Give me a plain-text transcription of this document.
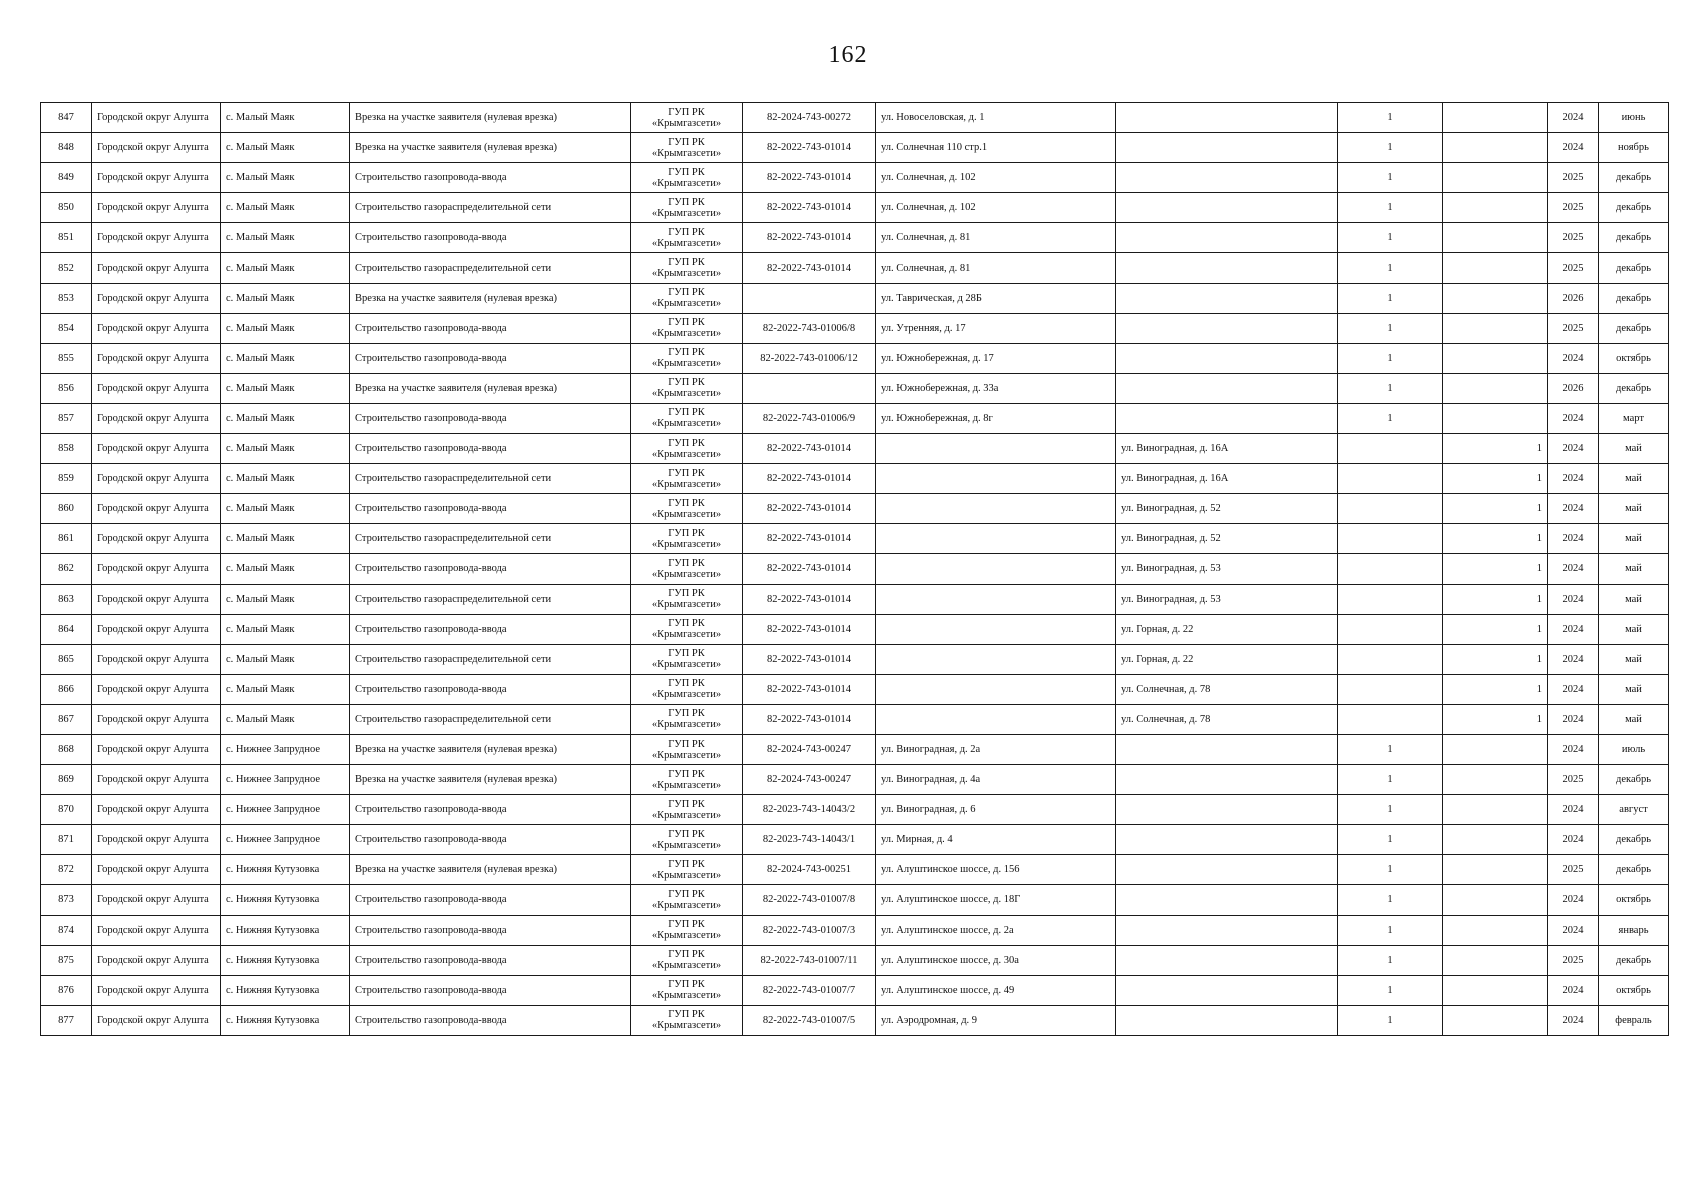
162
847	Городской округ Алушта	с. Малый Маяк	Врезка на участке заявителя (нулевая врезка)	ГУП РК
«Крымгазсети»	82-2024-743-00272	ул. Новоселовская, д. 1		1		2024	июнь
848	Городской округ Алушта	с. Малый Маяк	Врезка на участке заявителя (нулевая врезка)	ГУП РК
«Крымгазсети»	82-2022-743-01014	ул. Солнечная 110 стр.1		1		2024	ноябрь
849	Городской округ Алушта	с. Малый Маяк	Строительство газопровода-ввода	ГУП РК
«Крымгазсети»	82-2022-743-01014	ул. Солнечная, д. 102		1		2025	декабрь
850	Городской округ Алушта	с. Малый Маяк	Строительство газораспределительной сети	ГУП РК
«Крымгазсети»	82-2022-743-01014	ул. Солнечная, д. 102		1		2025	декабрь
851	Городской округ Алушта	с. Малый Маяк	Строительство газопровода-ввода	ГУП РК
«Крымгазсети»	82-2022-743-01014	ул. Солнечная, д. 81		1		2025	декабрь
852	Городской округ Алушта	с. Малый Маяк	Строительство газораспределительной сети	ГУП РК
«Крымгазсети»	82-2022-743-01014	ул. Солнечная, д. 81		1		2025	декабрь
853	Городской округ Алушта	с. Малый Маяк	Врезка на участке заявителя (нулевая врезка)	ГУП РК
«Крымгазсети»		ул. Таврическая, д 28Б		1		2026	декабрь
854	Городской округ Алушта	с. Малый Маяк	Строительство газопровода-ввода	ГУП РК
«Крымгазсети»	82-2022-743-01006/8	ул. Утренняя, д. 17		1		2025	декабрь
855	Городской округ Алушта	с. Малый Маяк	Строительство газопровода-ввода	ГУП РК
«Крымгазсети»	82-2022-743-01006/12	ул. Южнобережная, д. 17		1		2024	октябрь
856	Городской округ Алушта	с. Малый Маяк	Врезка на участке заявителя (нулевая врезка)	ГУП РК
«Крымгазсети»		ул. Южнобережная, д. 33а		1		2026	декабрь
857	Городской округ Алушта	с. Малый Маяк	Строительство газопровода-ввода	ГУП РК
«Крымгазсети»	82-2022-743-01006/9	ул. Южнобережная, д. 8г		1		2024	март
858	Городской округ Алушта	с. Малый Маяк	Строительство газопровода-ввода	ГУП РК
«Крымгазсети»	82-2022-743-01014		ул. Виноградная, д. 16А		1	2024	май
859	Городской округ Алушта	с. Малый Маяк	Строительство газораспределительной сети	ГУП РК
«Крымгазсети»	82-2022-743-01014		ул. Виноградная, д. 16А		1	2024	май
860	Городской округ Алушта	с. Малый Маяк	Строительство газопровода-ввода	ГУП РК
«Крымгазсети»	82-2022-743-01014		ул. Виноградная, д. 52		1	2024	май
861	Городской округ Алушта	с. Малый Маяк	Строительство газораспределительной сети	ГУП РК
«Крымгазсети»	82-2022-743-01014		ул. Виноградная, д. 52		1	2024	май
862	Городской округ Алушта	с. Малый Маяк	Строительство газопровода-ввода	ГУП РК
«Крымгазсети»	82-2022-743-01014		ул. Виноградная, д. 53		1	2024	май
863	Городской округ Алушта	с. Малый Маяк	Строительство газораспределительной сети	ГУП РК
«Крымгазсети»	82-2022-743-01014		ул. Виноградная, д. 53		1	2024	май
864	Городской округ Алушта	с. Малый Маяк	Строительство газопровода-ввода	ГУП РК
«Крымгазсети»	82-2022-743-01014		ул. Горная, д. 22		1	2024	май
865	Городской округ Алушта	с. Малый Маяк	Строительство газораспределительной сети	ГУП РК
«Крымгазсети»	82-2022-743-01014		ул. Горная, д. 22		1	2024	май
866	Городской округ Алушта	с. Малый Маяк	Строительство газопровода-ввода	ГУП РК
«Крымгазсети»	82-2022-743-01014		ул. Солнечная, д. 78		1	2024	май
867	Городской округ Алушта	с. Малый Маяк	Строительство газораспределительной сети	ГУП РК
«Крымгазсети»	82-2022-743-01014		ул. Солнечная, д. 78		1	2024	май
868	Городской округ Алушта	с. Нижнее Запрудное	Врезка на участке заявителя (нулевая врезка)	ГУП РК
«Крымгазсети»	82-2024-743-00247	ул. Виноградная, д. 2а		1		2024	июль
869	Городской округ Алушта	с. Нижнее Запрудное	Врезка на участке заявителя (нулевая врезка)	ГУП РК
«Крымгазсети»	82-2024-743-00247	ул. Виноградная, д. 4а		1		2025	декабрь
870	Городской округ Алушта	с. Нижнее Запрудное	Строительство газопровода-ввода	ГУП РК
«Крымгазсети»	82-2023-743-14043/2	ул. Виноградная, д. 6		1		2024	август
871	Городской округ Алушта	с. Нижнее Запрудное	Строительство газопровода-ввода	ГУП РК
«Крымгазсети»	82-2023-743-14043/1	ул. Мирная, д. 4		1		2024	декабрь
872	Городской округ Алушта	с. Нижняя Кутузовка	Врезка на участке заявителя (нулевая врезка)	ГУП РК
«Крымгазсети»	82-2024-743-00251	ул. Алуштинское шоссе, д. 156		1		2025	декабрь
873	Городской округ Алушта	с. Нижняя Кутузовка	Строительство газопровода-ввода	ГУП РК
«Крымгазсети»	82-2022-743-01007/8	ул. Алуштинское шоссе, д. 18Г		1		2024	октябрь
874	Городской округ Алушта	с. Нижняя Кутузовка	Строительство газопровода-ввода	ГУП РК
«Крымгазсети»	82-2022-743-01007/3	ул. Алуштинское шоссе, д. 2а		1		2024	январь
875	Городской округ Алушта	с. Нижняя Кутузовка	Строительство газопровода-ввода	ГУП РК
«Крымгазсети»	82-2022-743-01007/11	ул. Алуштинское шоссе, д. 30а		1		2025	декабрь
876	Городской округ Алушта	с. Нижняя Кутузовка	Строительство газопровода-ввода	ГУП РК
«Крымгазсети»	82-2022-743-01007/7	ул. Алуштинское шоссе, д. 49		1		2024	октябрь
877	Городской округ Алушта	с. Нижняя Кутузовка	Строительство газопровода-ввода	ГУП РК
«Крымгазсети»	82-2022-743-01007/5	ул. Аэродромная, д. 9		1		2024	февраль
